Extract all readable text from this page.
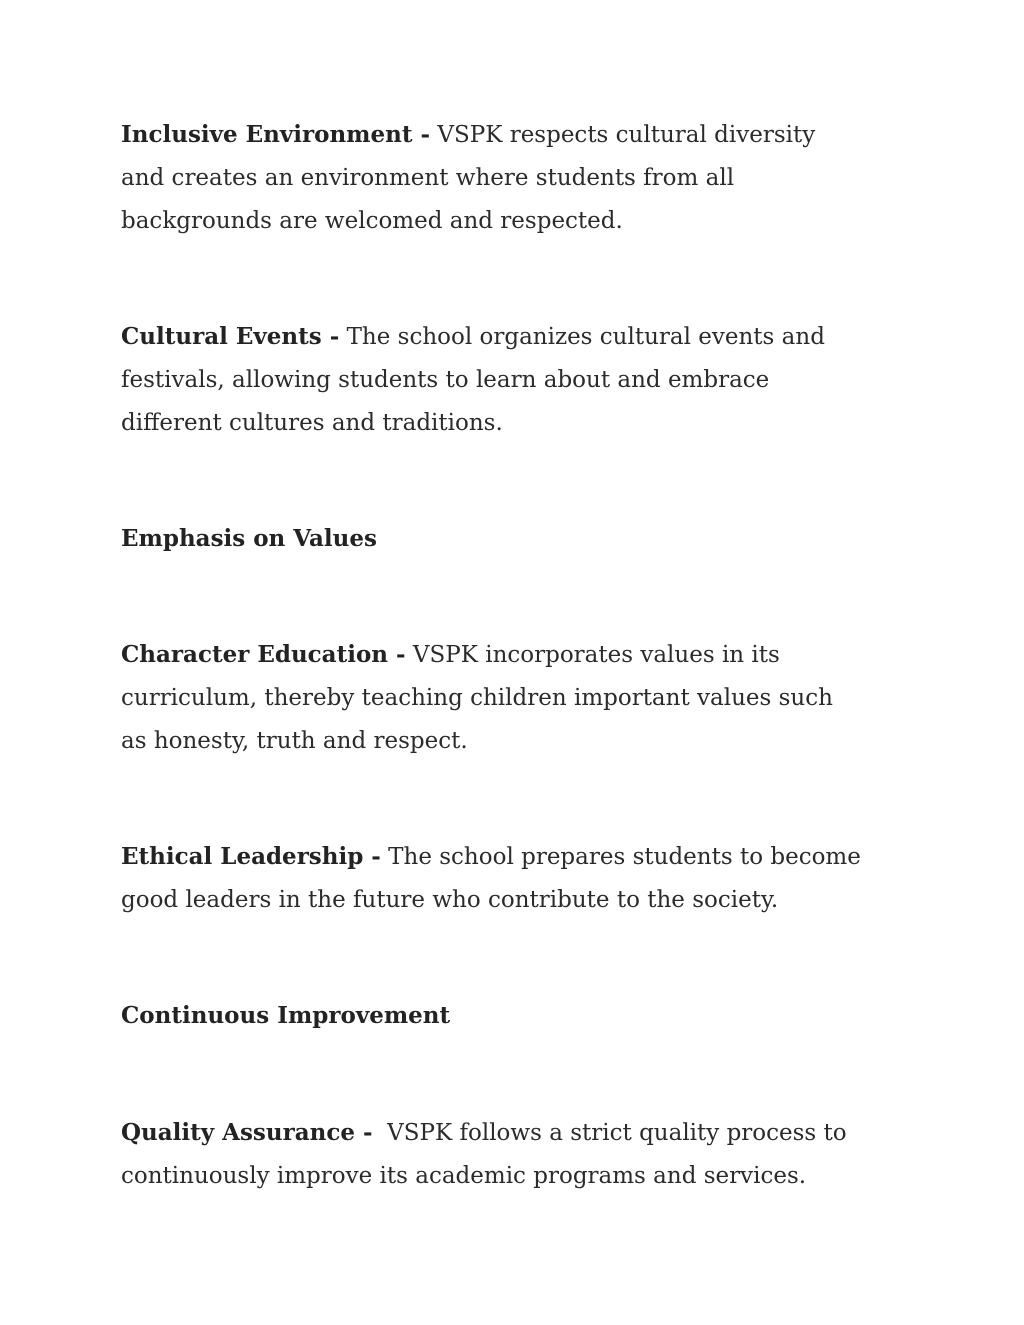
Inclusive Environment - VSPK respects cultural diversity and creates an environment where students from all backgrounds are welcomed and respected.

Cultural Events - The school organizes cultural events and festivals, allowing students to learn about and embrace different cultures and traditions.

Emphasis on Values

Character Education - VSPK incorporates values in its curriculum, thereby teaching children important values such as honesty, truth and respect.

Ethical Leadership - The school prepares students to become good leaders in the future who contribute to the society.

Continuous Improvement

Quality Assurance -  VSPK follows a strict quality process to continuously improve its academic programs and services.
